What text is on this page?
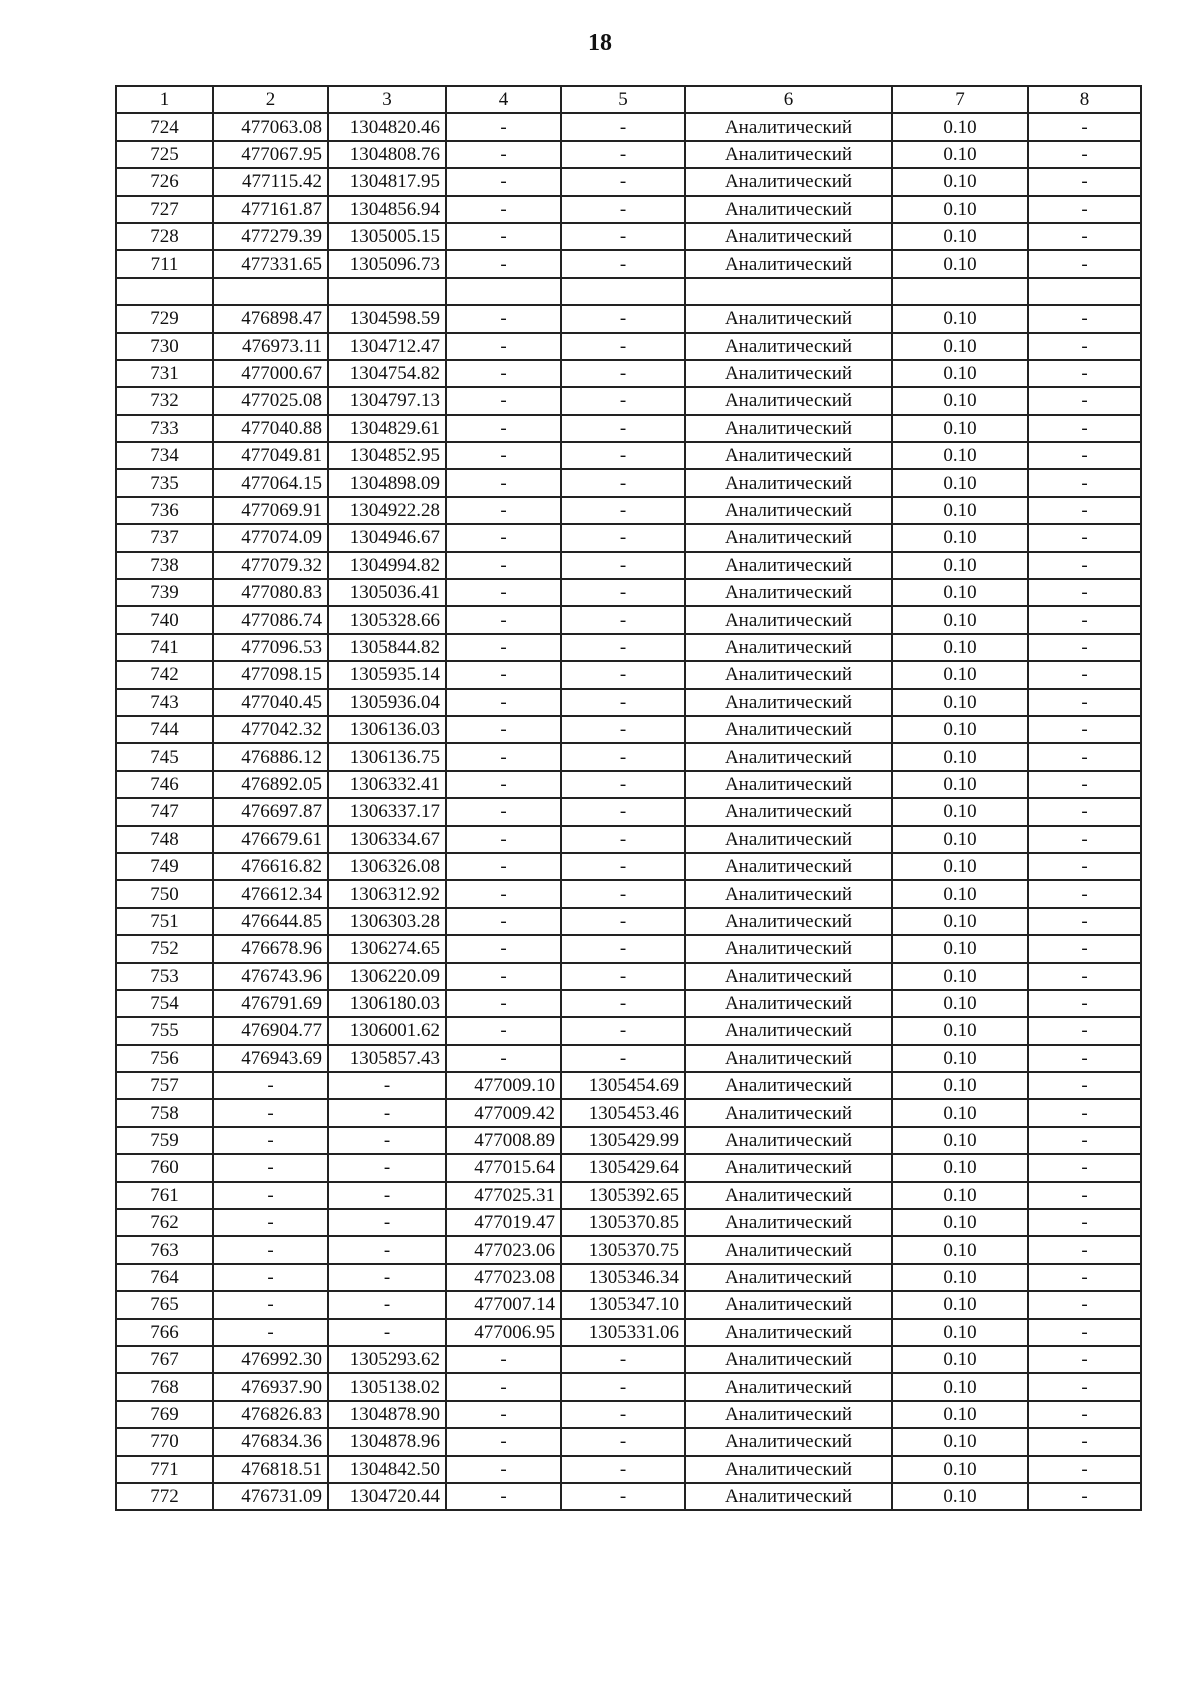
18
1	2	3	4	5	6	7	8
724	477063.08	1304820.46	-	-	Аналитический	0.10	-
725	477067.95	1304808.76	-	-	Аналитический	0.10	-
726	477115.42	1304817.95	-	-	Аналитический	0.10	-
727	477161.87	1304856.94	-	-	Аналитический	0.10	-
728	477279.39	1305005.15	-	-	Аналитический	0.10	-
711	477331.65	1305096.73	-	-	Аналитический	0.10	-

729	476898.47	1304598.59	-	-	Аналитический	0.10	-
730	476973.11	1304712.47	-	-	Аналитический	0.10	-
731	477000.67	1304754.82	-	-	Аналитический	0.10	-
732	477025.08	1304797.13	-	-	Аналитический	0.10	-
733	477040.88	1304829.61	-	-	Аналитический	0.10	-
734	477049.81	1304852.95	-	-	Аналитический	0.10	-
735	477064.15	1304898.09	-	-	Аналитический	0.10	-
736	477069.91	1304922.28	-	-	Аналитический	0.10	-
737	477074.09	1304946.67	-	-	Аналитический	0.10	-
738	477079.32	1304994.82	-	-	Аналитический	0.10	-
739	477080.83	1305036.41	-	-	Аналитический	0.10	-
740	477086.74	1305328.66	-	-	Аналитический	0.10	-
741	477096.53	1305844.82	-	-	Аналитический	0.10	-
742	477098.15	1305935.14	-	-	Аналитический	0.10	-
743	477040.45	1305936.04	-	-	Аналитический	0.10	-
744	477042.32	1306136.03	-	-	Аналитический	0.10	-
745	476886.12	1306136.75	-	-	Аналитический	0.10	-
746	476892.05	1306332.41	-	-	Аналитический	0.10	-
747	476697.87	1306337.17	-	-	Аналитический	0.10	-
748	476679.61	1306334.67	-	-	Аналитический	0.10	-
749	476616.82	1306326.08	-	-	Аналитический	0.10	-
750	476612.34	1306312.92	-	-	Аналитический	0.10	-
751	476644.85	1306303.28	-	-	Аналитический	0.10	-
752	476678.96	1306274.65	-	-	Аналитический	0.10	-
753	476743.96	1306220.09	-	-	Аналитический	0.10	-
754	476791.69	1306180.03	-	-	Аналитический	0.10	-
755	476904.77	1306001.62	-	-	Аналитический	0.10	-
756	476943.69	1305857.43	-	-	Аналитический	0.10	-
757	-	-	477009.10	1305454.69	Аналитический	0.10	-
758	-	-	477009.42	1305453.46	Аналитический	0.10	-
759	-	-	477008.89	1305429.99	Аналитический	0.10	-
760	-	-	477015.64	1305429.64	Аналитический	0.10	-
761	-	-	477025.31	1305392.65	Аналитический	0.10	-
762	-	-	477019.47	1305370.85	Аналитический	0.10	-
763	-	-	477023.06	1305370.75	Аналитический	0.10	-
764	-	-	477023.08	1305346.34	Аналитический	0.10	-
765	-	-	477007.14	1305347.10	Аналитический	0.10	-
766	-	-	477006.95	1305331.06	Аналитический	0.10	-
767	476992.30	1305293.62	-	-	Аналитический	0.10	-
768	476937.90	1305138.02	-	-	Аналитический	0.10	-
769	476826.83	1304878.90	-	-	Аналитический	0.10	-
770	476834.36	1304878.96	-	-	Аналитический	0.10	-
771	476818.51	1304842.50	-	-	Аналитический	0.10	-
772	476731.09	1304720.44	-	-	Аналитический	0.10	-
